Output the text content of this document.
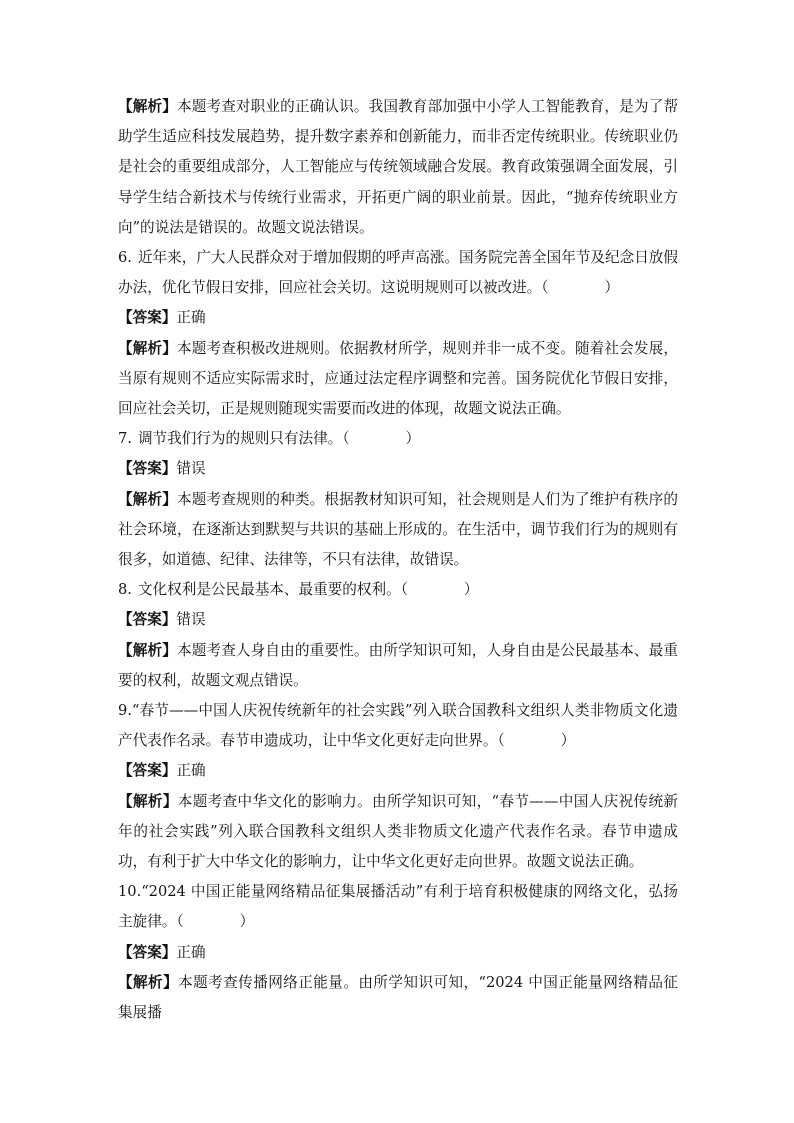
【解析】本题考查对职业的正确认识。我国教育部加强中小学人工智能教育，是为了帮助学生适应科技发展趋势，提升数字素养和创新能力，而非否定传统职业。传统职业仍是社会的重要组成部分，人工智能应与传统领域融合发展。教育政策强调全面发展，引导学生结合新技术与传统行业需求，开拓更广阔的职业前景。因此，“抛弃传统职业方向”的说法是错误的。故题文说法错误。

6. 近年来，广大人民群众对于增加假期的呼声高涨。国务院完善全国年节及纪念日放假办法，优化节假日安排，回应社会关切。这说明规则可以被改进。（	）

【答案】正确

【解析】本题考查积极改进规则。依据教材所学，规则并非一成不变。随着社会发展，当原有规则不适应实际需求时，应通过法定程序调整和完善。国务院优化节假日安排，回应社会关切，正是规则随现实需要而改进的体现，故题文说法正确。

7. 调节我们行为的规则只有法律。（	）

【答案】错误

【解析】本题考查规则的种类。根据教材知识可知，社会规则是人们为了维护有秩序的社会环境，在逐渐达到默契与共识的基础上形成的。在生活中，调节我们行为的规则有很多，如道德、纪律、法律等，不只有法律，故错误。

8. 文化权利是公民最基本、最重要的权利。（	）

【答案】错误

【解析】本题考查人身自由的重要性。由所学知识可知，人身自由是公民最基本、最重要的权利，故题文观点错误。

9.“春节——中国人庆祝传统新年的社会实践”列入联合国教科文组织人类非物质文化遗产代表作名录。春节申遗成功，让中华文化更好走向世界。（	）

【答案】正确

【解析】本题考查中华文化的影响力。由所学知识可知，“春节——中国人庆祝传统新年的社会实践”列入联合国教科文组织人类非物质文化遗产代表作名录。春节申遗成功，有利于扩大中华文化的影响力，让中华文化更好走向世界。故题文说法正确。

10.“2024 中国正能量网络精品征集展播活动”有利于培育积极健康的网络文化，弘扬主旋律。（	）

【答案】正确

【解析】本题考查传播网络正能量。由所学知识可知，“2024 中国正能量网络精品征集展播
